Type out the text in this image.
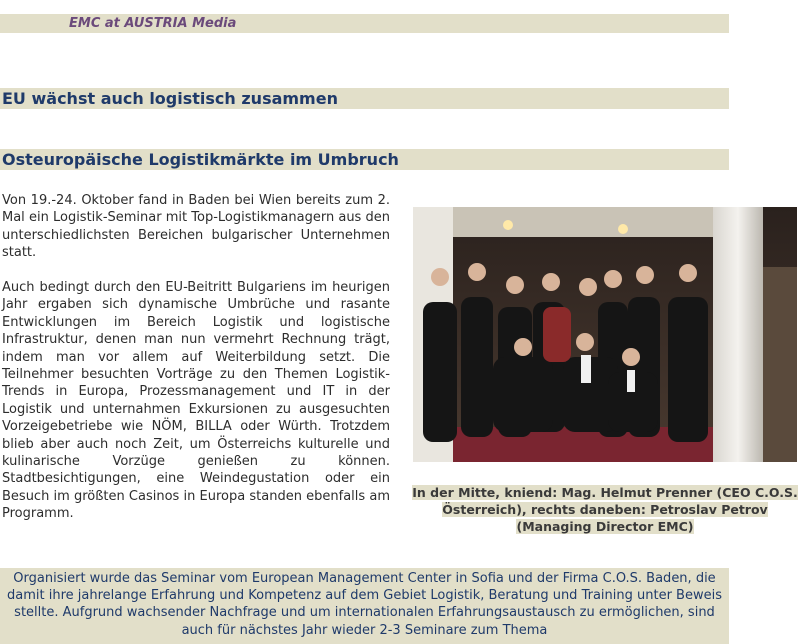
EMC at AUSTRIA Media
EU wächst auch logistisch zusammen
Osteuropäische Logistikmärkte im Umbruch

Von 19.-24. Oktober fand in Baden bei Wien bereits zum 2. Mal ein Logistik-Seminar mit Top-Logistikmanagern aus den unterschiedlichsten Bereichen bulgarischer Unternehmen statt.

Auch bedingt durch den EU-Beitritt Bulgariens im heurigen Jahr ergaben sich dynamische Umbrüche und rasante Entwicklungen im Bereich Logistik und logistische Infrastruktur, denen man nun vermehrt Rechnung trägt, indem man vor allem auf Weiterbildung setzt. Die Teilnehmer besuchten Vorträge zu den Themen Logistik-Trends in Europa, Prozessmanagement und IT in der Logistik und unternahmen Exkursionen zu ausgesuchten Vorzeigebetriebe wie NÖM, BILLA oder Würth. Trotzdem blieb aber auch noch Zeit, um Österreichs kulturelle und kulinarische Vorzüge genießen zu können. Stadtbesichtigungen, eine Weindegustation oder ein Besuch im größten Casinos in Europa standen ebenfalls am Programm.

In der Mitte, kniend: Mag. Helmut Prenner (CEO C.O.S. Österreich), rechts daneben: Petroslav Petrov (Managing Director EMC)
Organisiert wurde das Seminar vom European Management Center in Sofia und der Firma C.O.S. Baden, die damit ihre jahrelange Erfahrung und Kompetenz auf dem Gebiet Logistik, Beratung und Training unter Beweis stellte. Aufgrund wachsender Nachfrage und um internationalen Erfahrungsaustausch zu ermöglichen, sind auch für nächstes Jahr wieder 2-3 Seminare zum Thema
